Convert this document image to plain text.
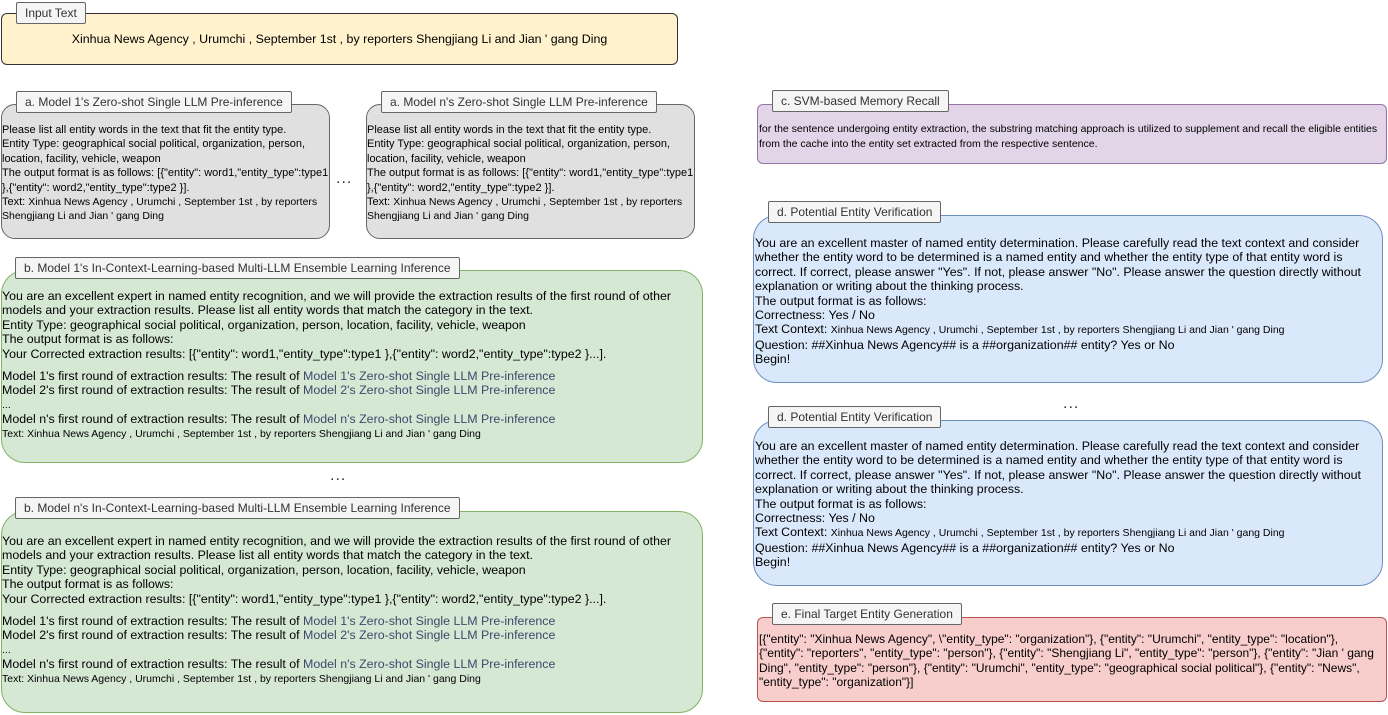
Xinhua News Agency , Urumchi , September 1st , by reporters Shengjiang Li and Jian ' gang Ding
Input Text
Please list all entity words in the text that fit the entity type.
Entity Type: geographical social political, organization, person, location, facility, vehicle, weapon
The output format is as follows: [{"entity": word1,"entity_type":type1 },{"entity": word2,"entity_type":type2 }].
Text: Xinhua News Agency , Urumchi , September 1st , by reporters Shengjiang Li and Jian ' gang Ding
a. Model 1's Zero-shot Single LLM Pre-inference
...
Please list all entity words in the text that fit the entity type.
Entity Type: geographical social political, organization, person, location, facility, vehicle, weapon
The output format is as follows: [{"entity": word1,"entity_type":type1 },{"entity": word2,"entity_type":type2 }].
Text: Xinhua News Agency , Urumchi , September 1st , by reporters Shengjiang Li and Jian ' gang Ding
a. Model n's Zero-shot Single LLM Pre-inference
You are an excellent expert in named entity recognition, and we will provide the extraction results of the first round of other models and your extraction results. Please list all entity words that match the category in the text.
Entity Type: geographical social political, organization, person, location, facility, vehicle, weapon
The output format is as follows:
Your Corrected extraction results: [{"entity": word1,"entity_type":type1 },{"entity": word2,"entity_type":type2 }...].
Model 1's first round of extraction results: The result of Model 1's Zero-shot Single LLM Pre-inference
Model 2's first round of extraction results: The result of Model 2's Zero-shot Single LLM Pre-inference
...
Model n's first round of extraction results: The result of Model n's Zero-shot Single LLM Pre-inference
Text: Xinhua News Agency , Urumchi , September 1st , by reporters Shengjiang Li and Jian ' gang Ding
b. Model 1's In-Context-Learning-based Multi-LLM Ensemble Learning Inference
...
You are an excellent expert in named entity recognition, and we will provide the extraction results of the first round of other models and your extraction results. Please list all entity words that match the category in the text.
Entity Type: geographical social political, organization, person, location, facility, vehicle, weapon
The output format is as follows:
Your Corrected extraction results: [{"entity": word1,"entity_type":type1 },{"entity": word2,"entity_type":type2 }...].
Model 1's first round of extraction results: The result of Model 1's Zero-shot Single LLM Pre-inference
Model 2's first round of extraction results: The result of Model 2's Zero-shot Single LLM Pre-inference
...
Model n's first round of extraction results: The result of Model n's Zero-shot Single LLM Pre-inference
Text: Xinhua News Agency , Urumchi , September 1st , by reporters Shengjiang Li and Jian ' gang Ding
b. Model n's In-Context-Learning-based Multi-LLM Ensemble Learning Inference
for the sentence undergoing entity extraction, the substring matching approach is utilized to supplement and recall the eligible entities from the cache into the entity set extracted from the respective sentence.
c. SVM-based Memory Recall
You are an excellent master of named entity determination. Please carefully read the text context and consider whether the entity word to be determined is a named entity and whether the entity type of that entity word is correct. If correct, please answer "Yes". If not, please answer "No". Please answer the question directly without explanation or writing about the thinking process.
The output format is as follows:
Correctness: Yes / No
Text Context: Xinhua News Agency , Urumchi , September 1st , by reporters Shengjiang Li and Jian ' gang Ding
Question: ##Xinhua News Agency## is a ##organization## entity? Yes or No
Begin!
d. Potential Entity Verification
...
You are an excellent master of named entity determination. Please carefully read the text context and consider whether the entity word to be determined is a named entity and whether the entity type of that entity word is correct. If correct, please answer "Yes". If not, please answer "No". Please answer the question directly without explanation or writing about the thinking process.
The output format is as follows:
Correctness: Yes / No
Text Context: Xinhua News Agency , Urumchi , September 1st , by reporters Shengjiang Li and Jian ' gang Ding
Question: ##Xinhua News Agency## is a ##organization## entity? Yes or No
Begin!
d. Potential Entity Verification
[{"entity": "Xinhua News Agency", \"entity_type": "organization"}, {"entity": "Urumchi", "entity_type": "location"}, {"entity": "reporters", "entity_type": "person"}, {"entity": "Shengjiang Li", "entity_type": "person"}, {"entity": "Jian ' gang Ding", "entity_type": "person"}, {"entity": "Urumchi", "entity_type": "geographical social political"}, {"entity": "News", "entity_type": "organization"}]
e. Final Target Entity Generation
